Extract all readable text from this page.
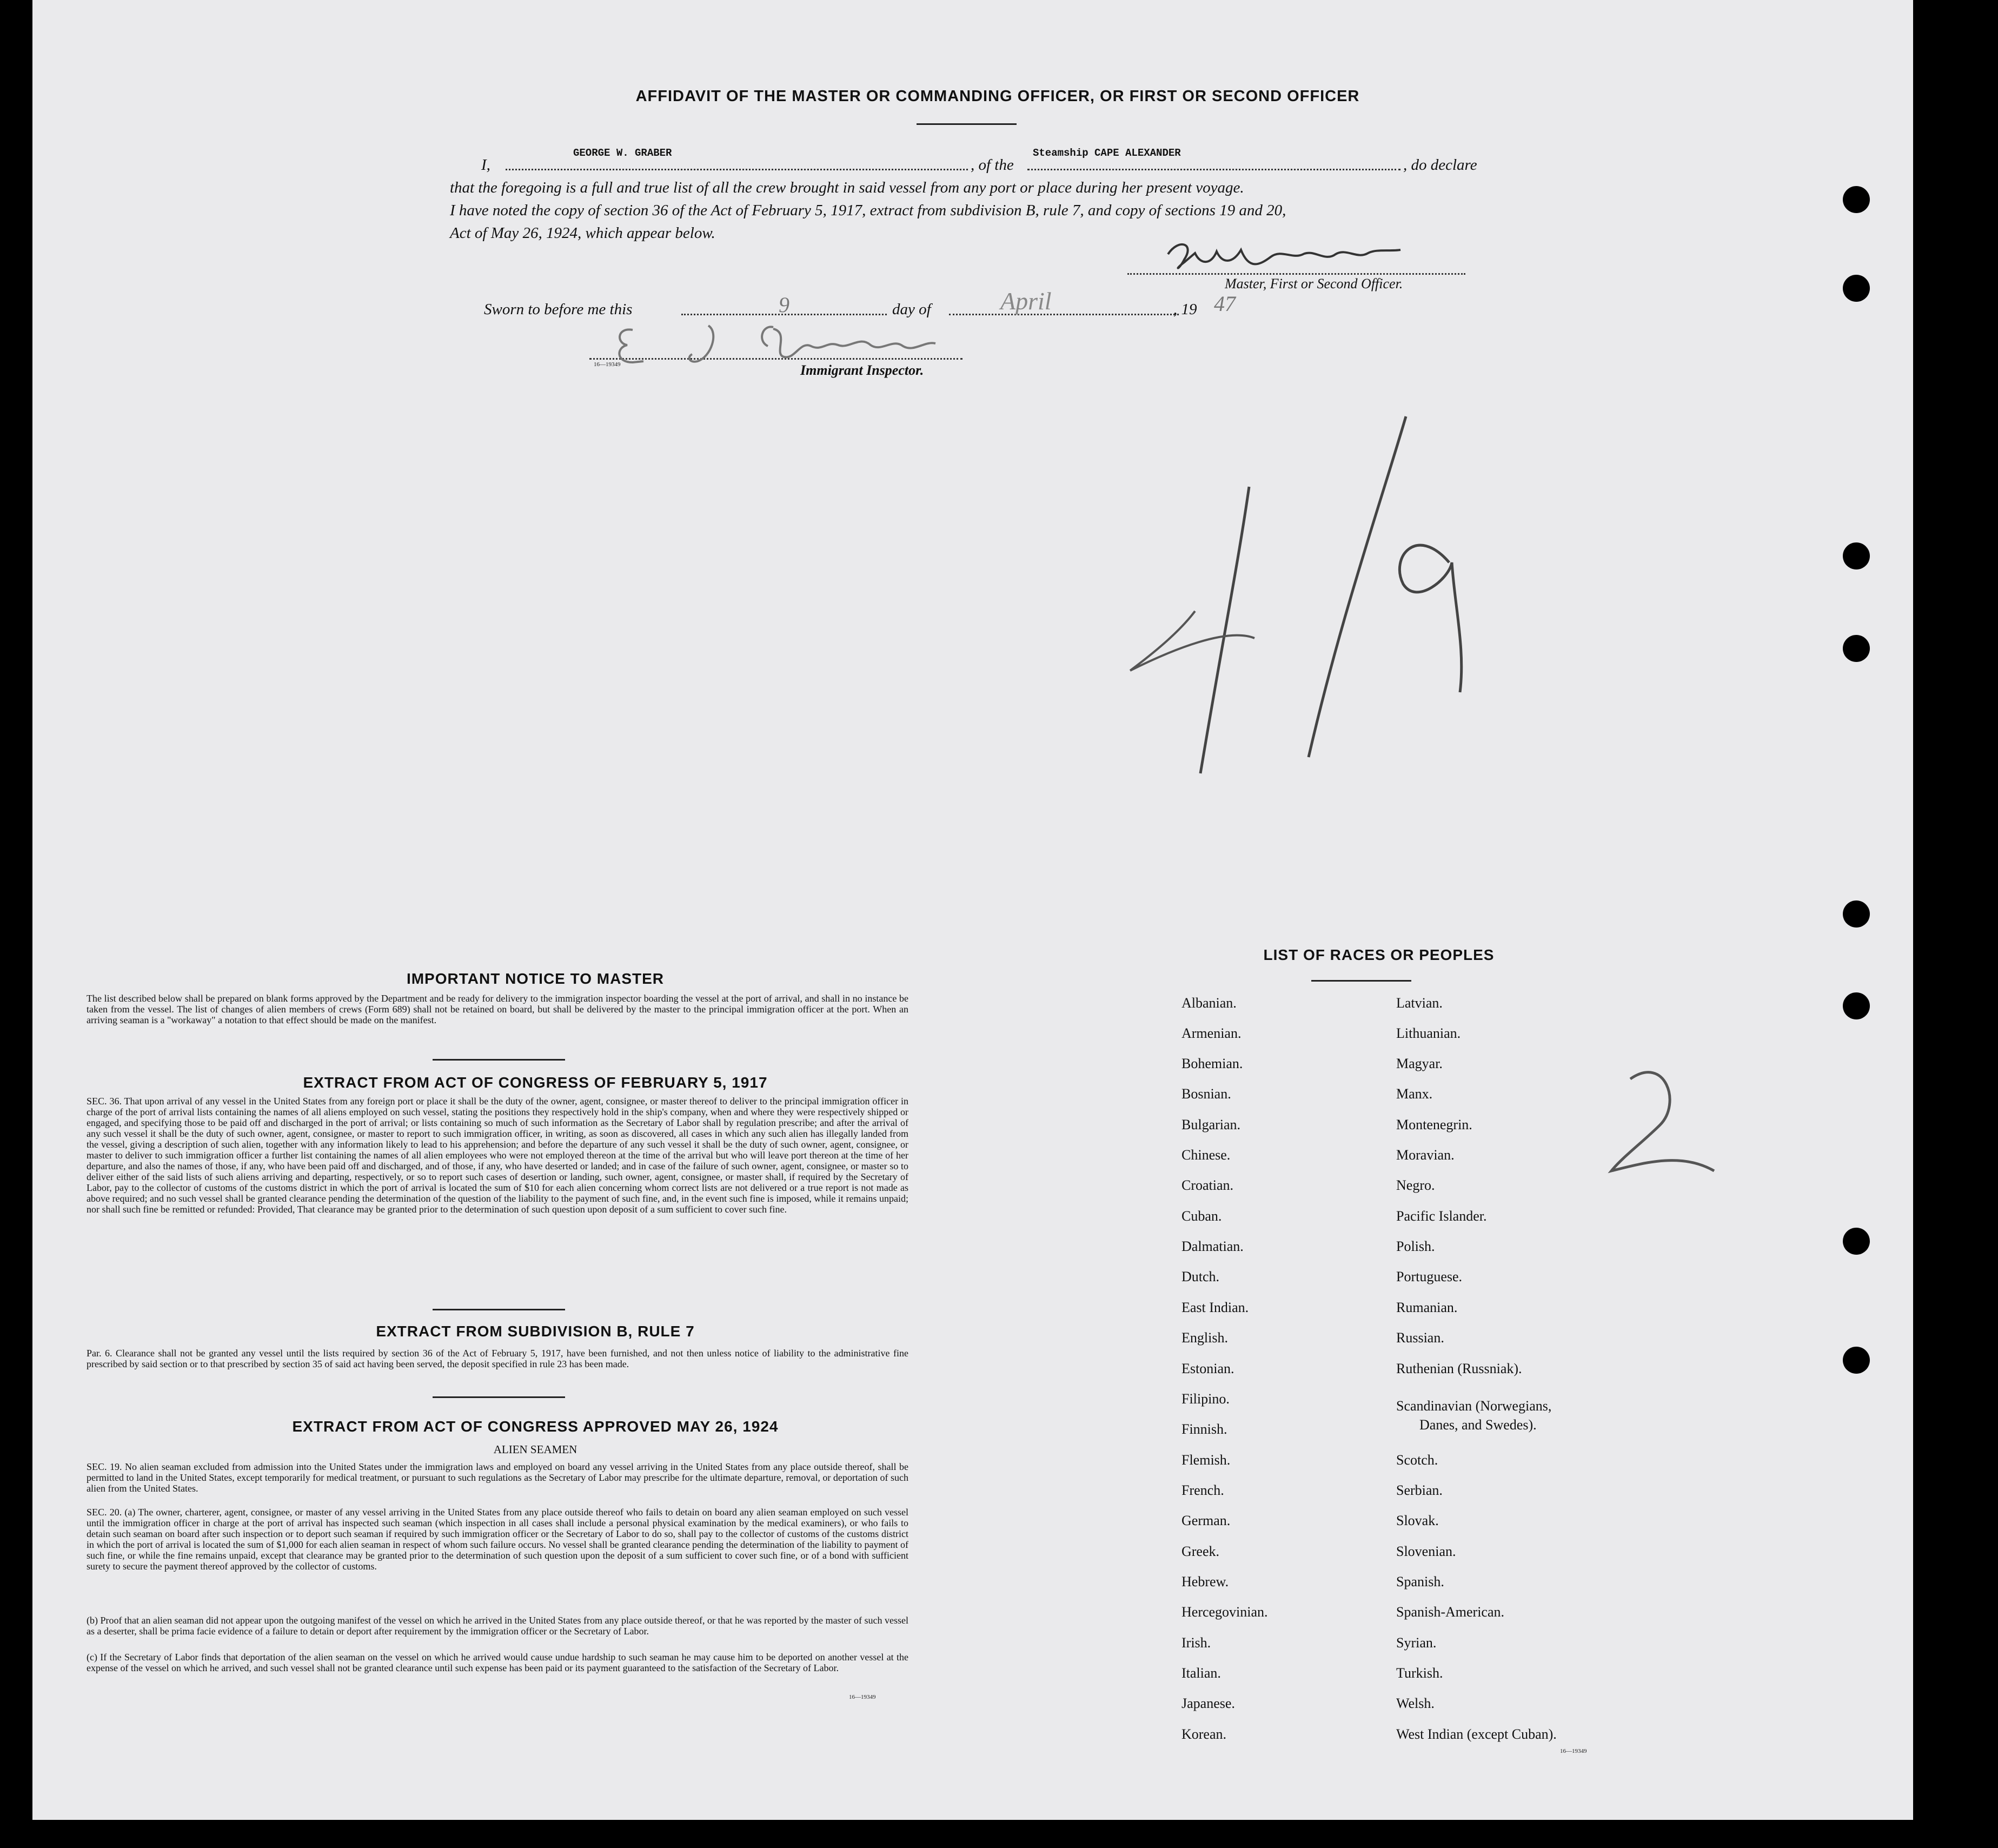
AFFIDAVIT OF THE MASTER OR COMMANDING OFFICER, OR FIRST OR SECOND OFFICER
I,
GEORGE W. GRABER
, of the
Steamship CAPE ALEXANDER
, do declare
that the foregoing is a full and true list of all the crew brought in said vessel from any port or place during her present voyage.
I have noted the copy of section 36 of the Act of February 5, 1917, extract from subdivision B, rule 7, and copy of sections 19 and 20,
Act of May 26, 1924, which appear below.
Master, First or Second Officer.
Sworn to before me this	9	day of	April	, 19 47
16—19349	Immigrant Inspector.
IMPORTANT NOTICE TO MASTER
The list described below shall be prepared on blank forms approved by the Department and be ready for delivery to the immigration inspector boarding the vessel at the port of arrival, and shall in no instance be taken from the vessel. The list of changes of alien members of crews (Form 689) shall not be retained on board, but shall be delivered by the master to the principal immigration officer at the port. When an arriving seaman is a "workaway" a notation to that effect should be made on the manifest.
EXTRACT FROM ACT OF CONGRESS OF FEBRUARY 5, 1917
SEC. 36. That upon arrival of any vessel in the United States from any foreign port or place it shall be the duty of the owner, agent, consignee, or master thereof to deliver to the principal immigration officer in charge of the port of arrival lists containing the names of all aliens employed on such vessel, stating the positions they respectively hold in the ship's company, when and where they were respectively shipped or engaged, and specifying those to be paid off and discharged in the port of arrival; or lists containing so much of such information as the Secretary of Labor shall by regulation prescribe; and after the arrival of any such vessel it shall be the duty of such owner, agent, consignee, or master to report to such immigration officer, in writing, as soon as discovered, all cases in which any such alien has illegally landed from the vessel, giving a description of such alien, together with any information likely to lead to his apprehension; and before the departure of any such vessel it shall be the duty of such owner, agent, consignee, or master to deliver to such immigration officer a further list containing the names of all alien employees who were not employed thereon at the time of the arrival but who will leave port thereon at the time of her departure, and also the names of those, if any, who have been paid off and discharged, and of those, if any, who have deserted or landed; and in case of the failure of such owner, agent, consignee, or master so to deliver either of the said lists of such aliens arriving and departing, respectively, or so to report such cases of desertion or landing, such owner, agent, consignee, or master shall, if required by the Secretary of Labor, pay to the collector of customs of the customs district in which the port of arrival is located the sum of $10 for each alien concerning whom correct lists are not delivered or a true report is not made as above required; and no such vessel shall be granted clearance pending the determination of the question of the liability to the payment of such fine, and, in the event such fine is imposed, while it remains unpaid; nor shall such fine be remitted or refunded: Provided, That clearance may be granted prior to the determination of such question upon deposit of a sum sufficient to cover such fine.
EXTRACT FROM SUBDIVISION B, RULE 7
Par. 6. Clearance shall not be granted any vessel until the lists required by section 36 of the Act of February 5, 1917, have been furnished, and not then unless notice of liability to the administrative fine prescribed by said section or to that prescribed by section 35 of said act having been served, the deposit specified in rule 23 has been made.
EXTRACT FROM ACT OF CONGRESS APPROVED MAY 26, 1924
ALIEN SEAMEN
SEC. 19. No alien seaman excluded from admission into the United States under the immigration laws and employed on board any vessel arriving in the United States from any place outside thereof, shall be permitted to land in the United States, except temporarily for medical treatment, or pursuant to such regulations as the Secretary of Labor may prescribe for the ultimate departure, removal, or deportation of such alien from the United States.
SEC. 20. (a) The owner, charterer, agent, consignee, or master of any vessel arriving in the United States from any place outside thereof who fails to detain on board any alien seaman employed on such vessel until the immigration officer in charge at the port of arrival has inspected such seaman (which inspection in all cases shall include a personal physical examination by the medical examiners), or who fails to detain such seaman on board after such inspection or to deport such seaman if required by such immigration officer or the Secretary of Labor to do so, shall pay to the collector of customs of the customs district in which the port of arrival is located the sum of $1,000 for each alien seaman in respect of whom such failure occurs. No vessel shall be granted clearance pending the determination of the liability to payment of such fine, or while the fine remains unpaid, except that clearance may be granted prior to the determination of such question upon the deposit of a sum sufficient to cover such fine, or of a bond with sufficient surety to secure the payment thereof approved by the collector of customs.
(b) Proof that an alien seaman did not appear upon the outgoing manifest of the vessel on which he arrived in the United States from any place outside thereof, or that he was reported by the master of such vessel as a deserter, shall be prima facie evidence of a failure to detain or deport after requirement by the immigration officer or the Secretary of Labor.
(c) If the Secretary of Labor finds that deportation of the alien seaman on the vessel on which he arrived would cause undue hardship to such seaman he may cause him to be deported on another vessel at the expense of the vessel on which he arrived, and such vessel shall not be granted clearance until such expense has been paid or its payment guaranteed to the satisfaction of the Secretary of Labor.
16—19349
LIST OF RACES OR PEOPLES
Albanian.
Armenian.
Bohemian.
Bosnian.
Bulgarian.
Chinese.
Croatian.
Cuban.
Dalmatian.
Dutch.
East Indian.
English.
Estonian.
Filipino.
Finnish.
Flemish.
French.
German.
Greek.
Hebrew.
Hercegovinian.
Irish.
Italian.
Japanese.
Korean.
Latvian.
Lithuanian.
Magyar.
Manx.
Montenegrin.
Moravian.
Negro.
Pacific Islander.
Polish.
Portuguese.
Rumanian.
Russian.
Ruthenian (Russniak).
Scandinavian (Norwegians,
Danes, and Swedes).
Scotch.
Serbian.
Slovak.
Slovenian.
Spanish.
Spanish-American.
Syrian.
Turkish.
Welsh.
West Indian (except Cuban).
16—19349
